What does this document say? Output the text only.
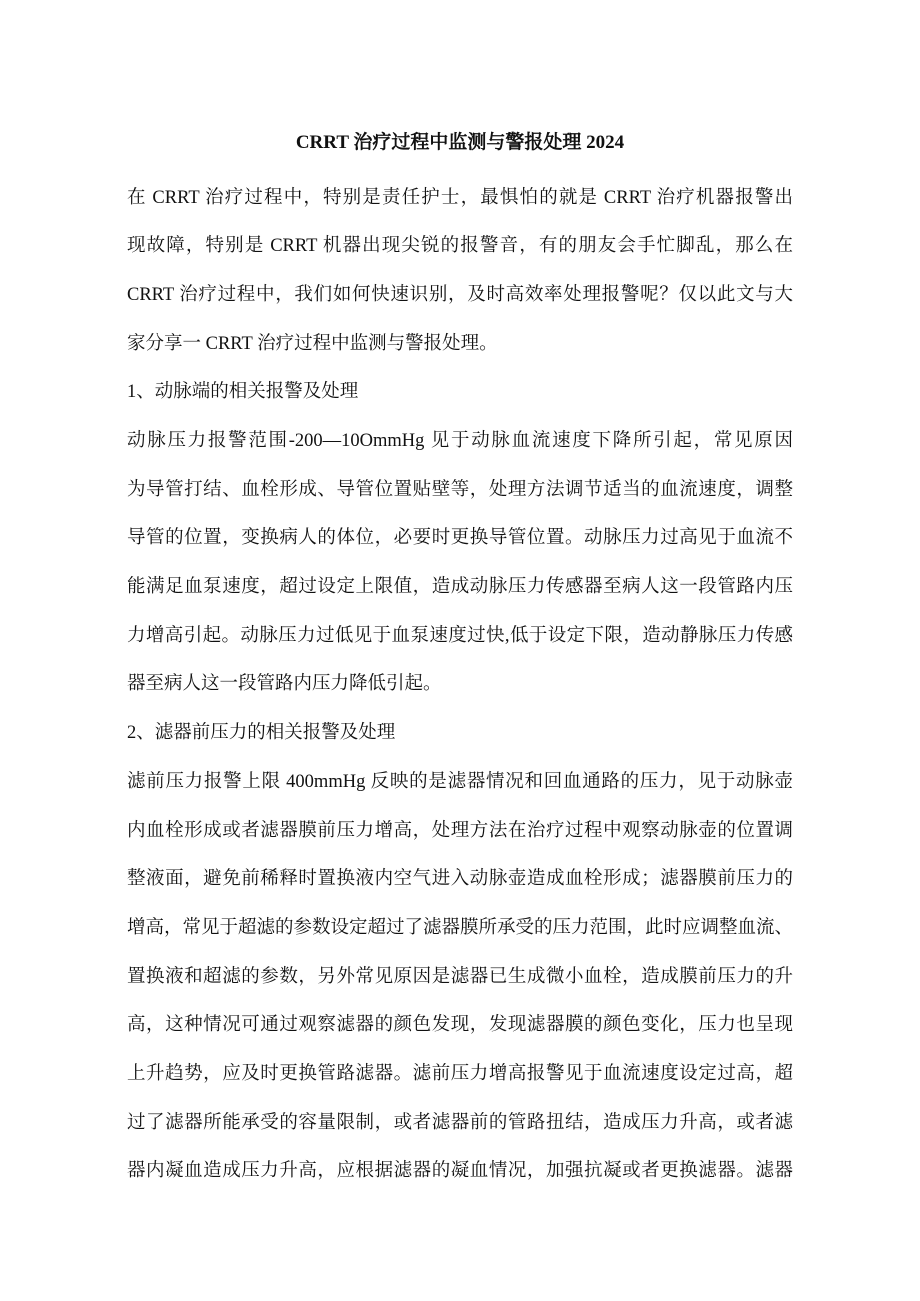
CRRT 治疗过程中监测与警报处理 2024
在 CRRT 治疗过程中，特别是责任护士，最惧怕的就是 CRRT 治疗机器报警出
现故障，特别是 CRRT 机器出现尖锐的报警音，有的朋友会手忙脚乱，那么在
CRRT 治疗过程中，我们如何快速识别，及时高效率处理报警呢？仅以此文与大
家分享一 CRRT 治疗过程中监测与警报处理。
1、动脉端的相关报警及处理
动脉压力报警范围-200—10OmmHg 见于动脉血流速度下降所引起，常见原因
为导管打结、血栓形成、导管位置贴壁等，处理方法调节适当的血流速度，调整
导管的位置，变换病人的体位，必要时更换导管位置。动脉压力过高见于血流不
能满足血泵速度，超过设定上限值，造成动脉压力传感器至病人这一段管路内压
力增高引起。动脉压力过低见于血泵速度过快,低于设定下限，造动静脉压力传感
器至病人这一段管路内压力降低引起。
2、滤器前压力的相关报警及处理
滤前压力报警上限 400mmHg 反映的是滤器情况和回血通路的压力，见于动脉壶
内血栓形成或者滤器膜前压力增高，处理方法在治疗过程中观察动脉壶的位置调
整液面，避免前稀释时置换液内空气进入动脉壶造成血栓形成；滤器膜前压力的
增高，常见于超滤的参数设定超过了滤器膜所承受的压力范围，此时应调整血流、
置换液和超滤的参数，另外常见原因是滤器已生成微小血栓，造成膜前压力的升
高，这种情况可通过观察滤器的颜色发现，发现滤器膜的颜色变化，压力也呈现
上升趋势，应及时更换管路滤器。滤前压力增高报警见于血流速度设定过高，超
过了滤器所能承受的容量限制，或者滤器前的管路扭结，造成压力升高，或者滤
器内凝血造成压力升高，应根据滤器的凝血情况，加强抗凝或者更换滤器。滤器
